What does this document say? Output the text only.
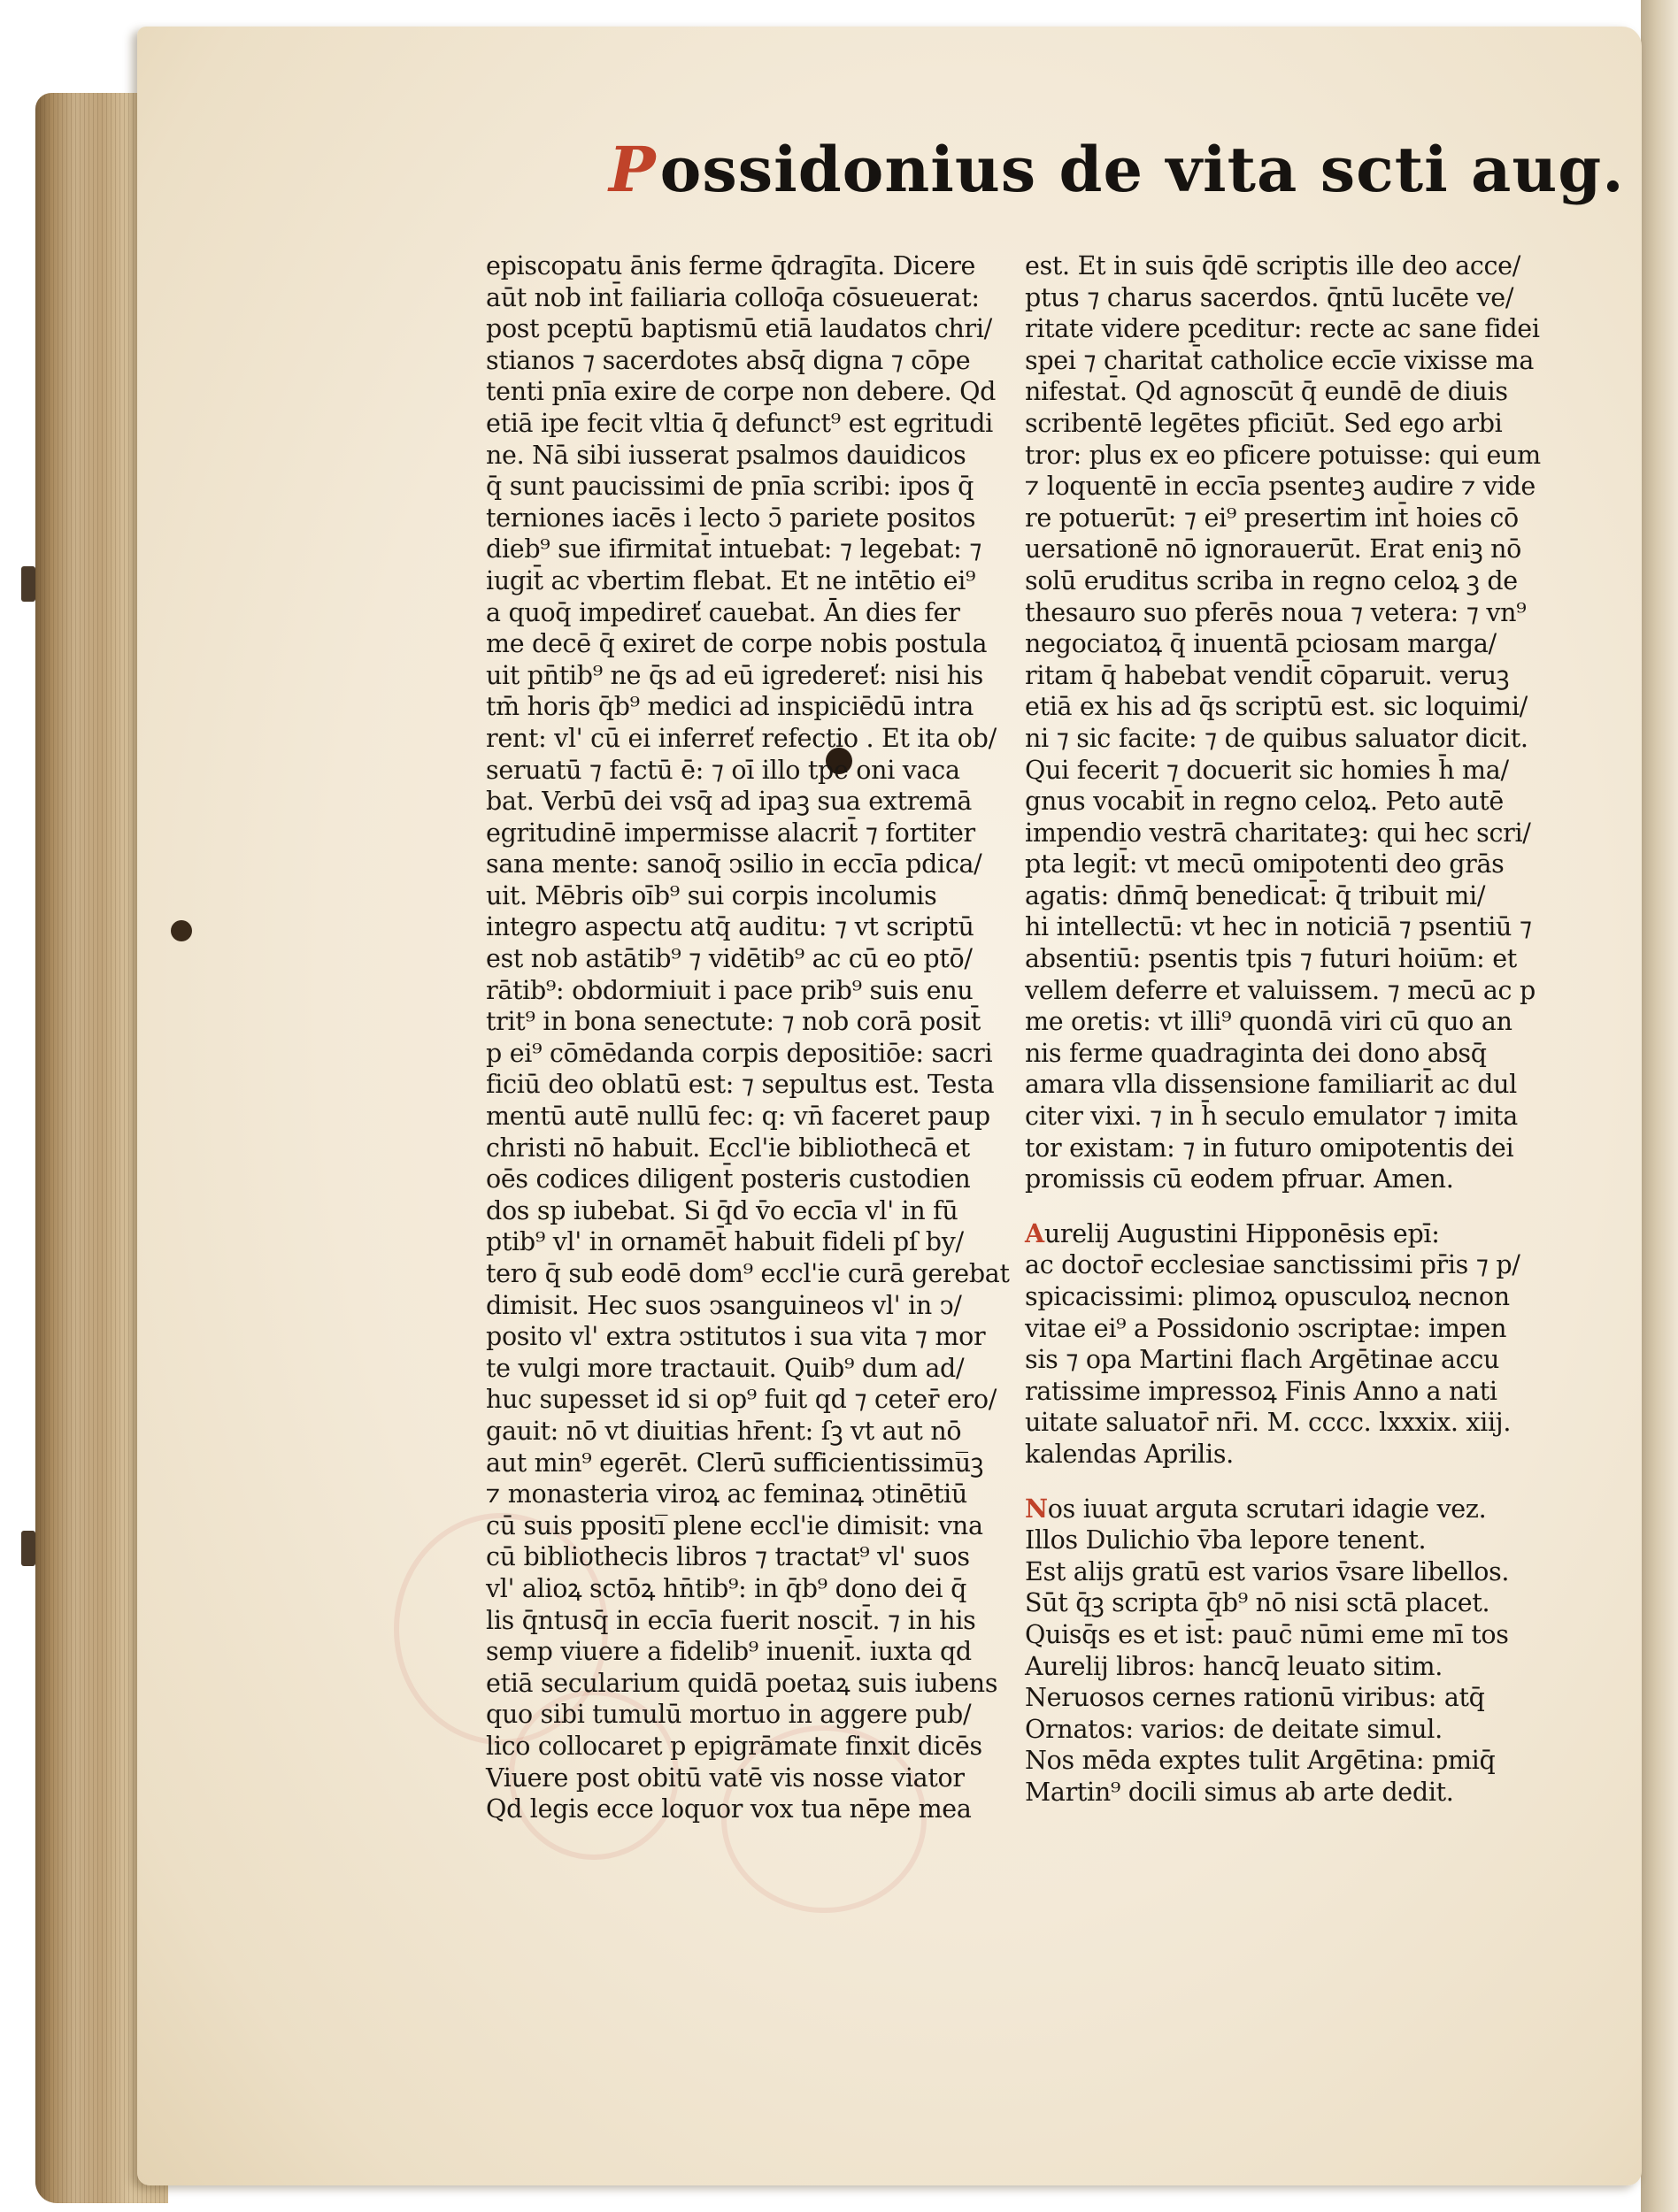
Possidonius de vita scti aug.
episcopatu ānis ferme q̄dragīta. Dicere
aūt nob int̄ failiaria colloq̄a cōsueuerat:
post pceptū baptismū etiā laudatos chri/
stianos ⁊ sacerdotes absq̄ digna ⁊ cōpe
tenti pnīa exire de corpe non debere. Qd
etiā ipe fecit vltia q̄ defunct⁹ est egritudi
ne. Nā sibi iusserat psalmos dauidicos
q̄ sunt paucissimi de pnīa scribi: ipos q̄
terniones iacēs i lecto ↄ̄ pariete positos
dieb⁹ sue ifirmitat̄ intuebat: ⁊ legebat: ⁊
iugit̄ ac vbertim flebat. Et ne intētio ei⁹
a quoq̄ impedireť cauebat. Ān dies fer
me decē q̄ exiret de corpe nobis postula
uit pn̄tib⁹ ne q̄s ad eū igredereť: nisi his
tm̄ horis q̄b⁹ medici ad inspiciēdū intra
rent: vl' cū ei inferreť refectio . Et ita ob/
seruatū ⁊ factū ē: ⁊ oī illo tpe oni vaca
bat. Verbū dei vsq̄ ad ipaꝫ sua extremā
egritudinē impermisse alacrit̄ ⁊ fortiter
sana mente: sanoq̄ ↄsilio in eccīa pdica/
uit. Mēbris oīb⁹ sui corpis incolumis
integro aspectu atq̄ auditu: ⁊ vt scriptū
est nob astātib⁹ ⁊ vidētib⁹ ac cū eo ptō/
rātib⁹: obdormiuit i pace prib⁹ suis enu
trit⁹ in bona senectute: ⁊ nob corā posit̄
p ei⁹ cōmēdanda corpis depositiōe: sacri
ficiū deo oblatū est: ⁊ sepultus est. Testa
mentū autē nullū fec: q: vn̄ faceret paup
christi nō habuit. Eccl'ie bibliothecā et
oēs codices diligent̄ posteris custodien
dos sp iubebat. Si q̄d v̄o eccīa vl' in fū
ptib⁹ vl' in ornamēt̄ habuit fideli pſ by/
tero q̄ sub eodē dom⁹ eccl'ie curā gerebat
dimisit. Hec suos ↄsanguineos vl' in ↄ/
posito vl' extra ↄstitutos i sua vita ⁊ mor
te vulgi more tractauit. Quib⁹ dum ad/
huc supesset id si op⁹ fuit qd ⁊ ceter̄ ero/
gauit: nō vt diuitias hr̄ent: ſꝫ vt aut nō
aut min⁹ egerēt. Clerū sufficientissimu̅ꝫ
⁊ monasteria viroꝝ ac feminaꝝ ↄtinētiū
cū suis ppositi̅ plene eccl'ie dimisit: vna
cū bibliothecis libros ⁊ tractat⁹ vl' suos
vl' alioꝝ sctōꝝ hn̄tib⁹: in q̄b⁹ dono dei q̄
lis q̄ntusq̄ in eccīa fuerit noscit̄. ⁊ in his
semp viuere a fidelib⁹ inuenit̄. iuxta qd
etiā secularium quidā poetaꝝ suis iubens
quo sibi tumulū mortuo in aggere pub/
lico collocaret p epigrāmate finxit dicēs
Viuere post obitū vatē vis nosse viator
Qd legis ecce loquor vox tua nēpe mea
est. Et in suis q̄dē scriptis ille deo acce/
ptus ⁊ charus sacerdos. q̄ntū lucēte ve/
ritate videre pceditur: recte ac sane fidei
spei ⁊ charitat̄ catholice eccīe vixisse ma
nifestat̄. Qd agnoscūt q̄ eundē de diuis
scribentē legētes pficiūt. Sed ego arbi
tror: plus ex eo pficere potuisse: qui eum
⁊ loquentē in eccīa psenteꝫ audire ⁊ vide
re potuerūt: ⁊ ei⁹ presertim int̄ hoies cō
uersationē nō ignorauerūt. Erat eniꝫ nō
solū eruditus scriba in regno celoꝝ ꝫ de
thesauro suo pferēs noua ⁊ vetera: ⁊ vn⁹
negociatoꝝ q̄ inuentā pciosam marga/
ritam q̄ habebat vendit̄ cōparuit. veruꝫ
etiā ex his ad q̄s scriptū est. sic loquimi/
ni ⁊ sic facite: ⁊ de quibus saluator dicit.
Qui fecerit ⁊ docuerit sic homies h̄ ma/
gnus vocabit̄ in regno celoꝝ. Peto autē
impendio vestrā charitateꝫ: qui hec scri/
pta legit̄: vt mecū omipotenti deo grās
agatis: dn̄mq̄ benedicat̄: q̄ tribuit mi/
hi intellectū: vt hec in noticiā ⁊ psentiū ⁊
absentiū: psentis tpis ⁊ futuri hoiūm: et
vellem deferre et valuissem. ⁊ mecū ac p
me oretis: vt illi⁹ quondā viri cū quo an
nis ferme quadraginta dei dono absq̄
amara vlla dissensione familiarit̄ ac dul
citer vixi. ⁊ in h̄ seculo emulator ⁊ imita
tor existam: ⁊ in futuro omipotentis dei
promissis cū eodem pfruar. Amen.
Aurelij Augustini Hipponēsis epī:
ac doctor̄ ecclesiae sanctissimi pr̄is ⁊ p/
spicacissimi: plimoꝝ opusculoꝝ necnon
vitae ei⁹ a Possidonio ↄscriptae: impen
sis ⁊ opa Martini flach Argētinae accu
ratissime impressoꝝ Finis Anno a nati
uitate saluator̄ nr̄i. M. cccc. lxxxix. xiij.
kalendas Aprilis.
Nos iuuat arguta scrutari idagie vez.
Illos Dulichio v̄ba lepore tenent.
Est alijs gratū est varios v̄sare libellos.
Sūt q̄ꝫ scripta q̄b⁹ nō nisi sctā placet.
Quisq̄s es et ist̄: pauc̄ nūmi eme mī tos
Aurelij libros: hancq̄ leuato sitim.
Neruosos cernes rationū viribus: atq̄
Ornatos: varios: de deitate simul.
Nos mēda exptes tulit Argētina: pmiq̄
Martin⁹ docili simus ab arte dedit.
